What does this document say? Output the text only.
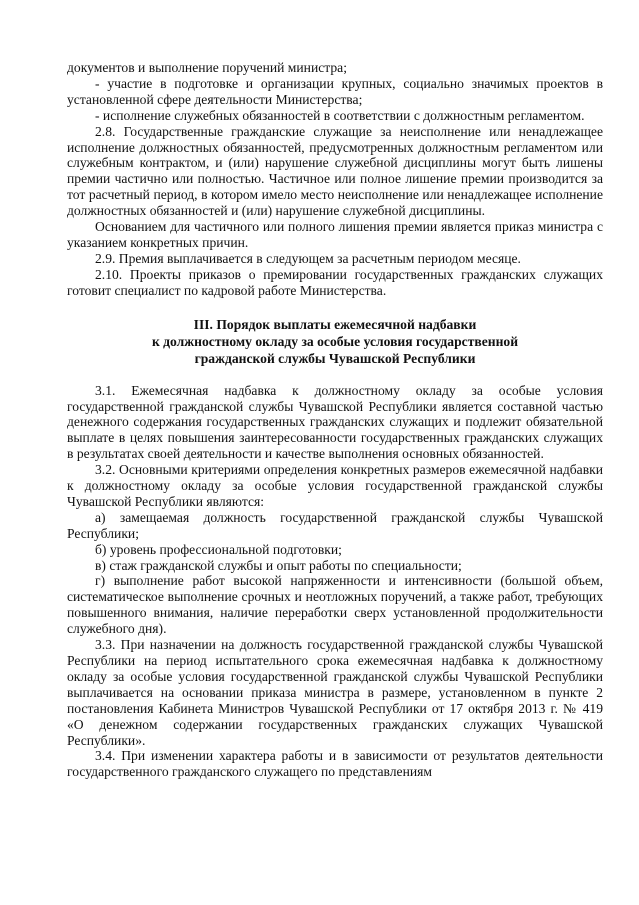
документов и выполнение поручений министра;

- участие в подготовке и организации крупных, социально значимых проектов в установленной сфере деятельности Министерства;

- исполнение служебных обязанностей в соответствии с должностным регламентом.

2.8. Государственные гражданские служащие за неисполнение или ненадлежащее исполнение должностных обязанностей, предусмотренных должностным регламентом или служебным контрактом, и (или) нарушение служебной дисциплины могут быть лишены премии частично или полностью. Частичное или полное лишение премии производится за тот расчетный период, в котором имело место неисполнение или ненадлежащее исполнение должностных обязанностей и (или) нарушение служебной дисциплины.

Основанием для частичного или полного лишения премии является приказ министра с указанием конкретных причин.

2.9. Премия выплачивается в следующем за расчетным периодом месяце.

2.10. Проекты приказов о премировании государственных гражданских служащих готовит специалист по кадровой работе Министерства.

III. Порядок выплаты ежемесячной надбавки
к должностному окладу за особые условия государственной
гражданской службы Чувашской Республики

3.1. Ежемесячная надбавка к должностному окладу за особые условия государственной гражданской службы Чувашской Республики является составной частью денежного содержания государственных гражданских служащих и подлежит обязательной выплате в целях повышения заинтересованности государственных гражданских служащих в результатах своей деятельности и качестве выполнения основных обязанностей.

3.2. Основными критериями определения конкретных размеров ежемесячной надбавки к должностному окладу за особые условия государственной гражданской службы Чувашской Республики являются:

а) замещаемая должность государственной гражданской службы Чувашской Республики;

б) уровень профессиональной подготовки;

в) стаж гражданской службы и опыт работы по специальности;

г) выполнение работ высокой напряженности и интенсивности (большой объем, систематическое выполнение срочных и неотложных поручений, а также работ, требующих повышенного внимания, наличие переработки сверх установленной продолжительности служебного дня).

3.3. При назначении на должность государственной гражданской службы Чувашской Республики на период испытательного срока ежемесячная надбавка к должностному окладу за особые условия государственной гражданской службы Чувашской Республики выплачивается на основании приказа министра в размере, установленном в пункте 2 постановления Кабинета Министров Чувашской Республики от 17 октября 2013 г. № 419 «О денежном содержании государственных гражданских служащих Чувашской Республики».

3.4. При изменении характера работы и в зависимости от результатов деятельности государственного гражданского служащего по представлениям
